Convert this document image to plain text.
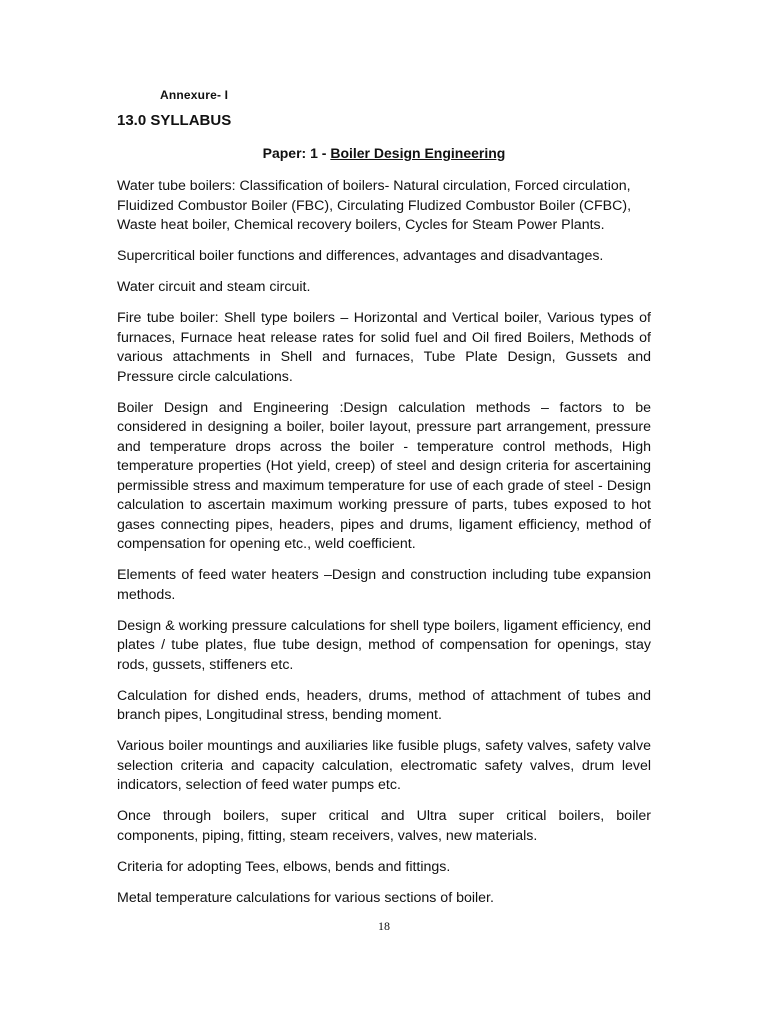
Annexure- I
13.0 SYLLABUS
Paper: 1 - Boiler Design Engineering

Water tube boilers: Classification of boilers- Natural circulation, Forced circulation, Fluidized Combustor Boiler (FBC), Circulating Fludized Combustor Boiler (CFBC), Waste heat boiler, Chemical recovery boilers, Cycles for Steam Power Plants.

Supercritical boiler functions and differences, advantages and disadvantages.

Water circuit and steam circuit.

Fire tube boiler: Shell type boilers – Horizontal and Vertical boiler, Various types of furnaces, Furnace heat release rates for solid fuel and Oil fired Boilers, Methods of various attachments in Shell and furnaces, Tube Plate Design, Gussets and Pressure circle calculations.

Boiler Design and Engineering :Design calculation methods – factors to be considered in designing a boiler, boiler layout, pressure part arrangement, pressure and temperature drops across the boiler - temperature control methods, High temperature properties (Hot yield, creep) of steel and design criteria for ascertaining permissible stress and maximum temperature for use of each grade of steel - Design calculation to ascertain maximum working pressure of parts, tubes exposed to hot gases connecting pipes, headers, pipes and drums, ligament efficiency, method of compensation for opening etc., weld coefficient.

Elements of feed water heaters –Design and construction including tube expansion methods.

Design & working pressure calculations for shell type boilers, ligament efficiency, end plates / tube plates, flue tube design, method of compensation for openings, stay rods, gussets, stiffeners etc.

Calculation for dished ends, headers, drums, method of attachment of tubes and branch pipes, Longitudinal stress, bending moment.

Various boiler mountings and auxiliaries like fusible plugs, safety valves, safety valve selection criteria and capacity calculation, electromatic safety valves, drum level indicators, selection of feed water pumps etc.

Once through boilers, super critical and Ultra super critical boilers, boiler components, piping, fitting, steam receivers, valves, new materials.

Criteria for adopting Tees, elbows, bends and fittings.

Metal temperature calculations for various sections of boiler.

18
